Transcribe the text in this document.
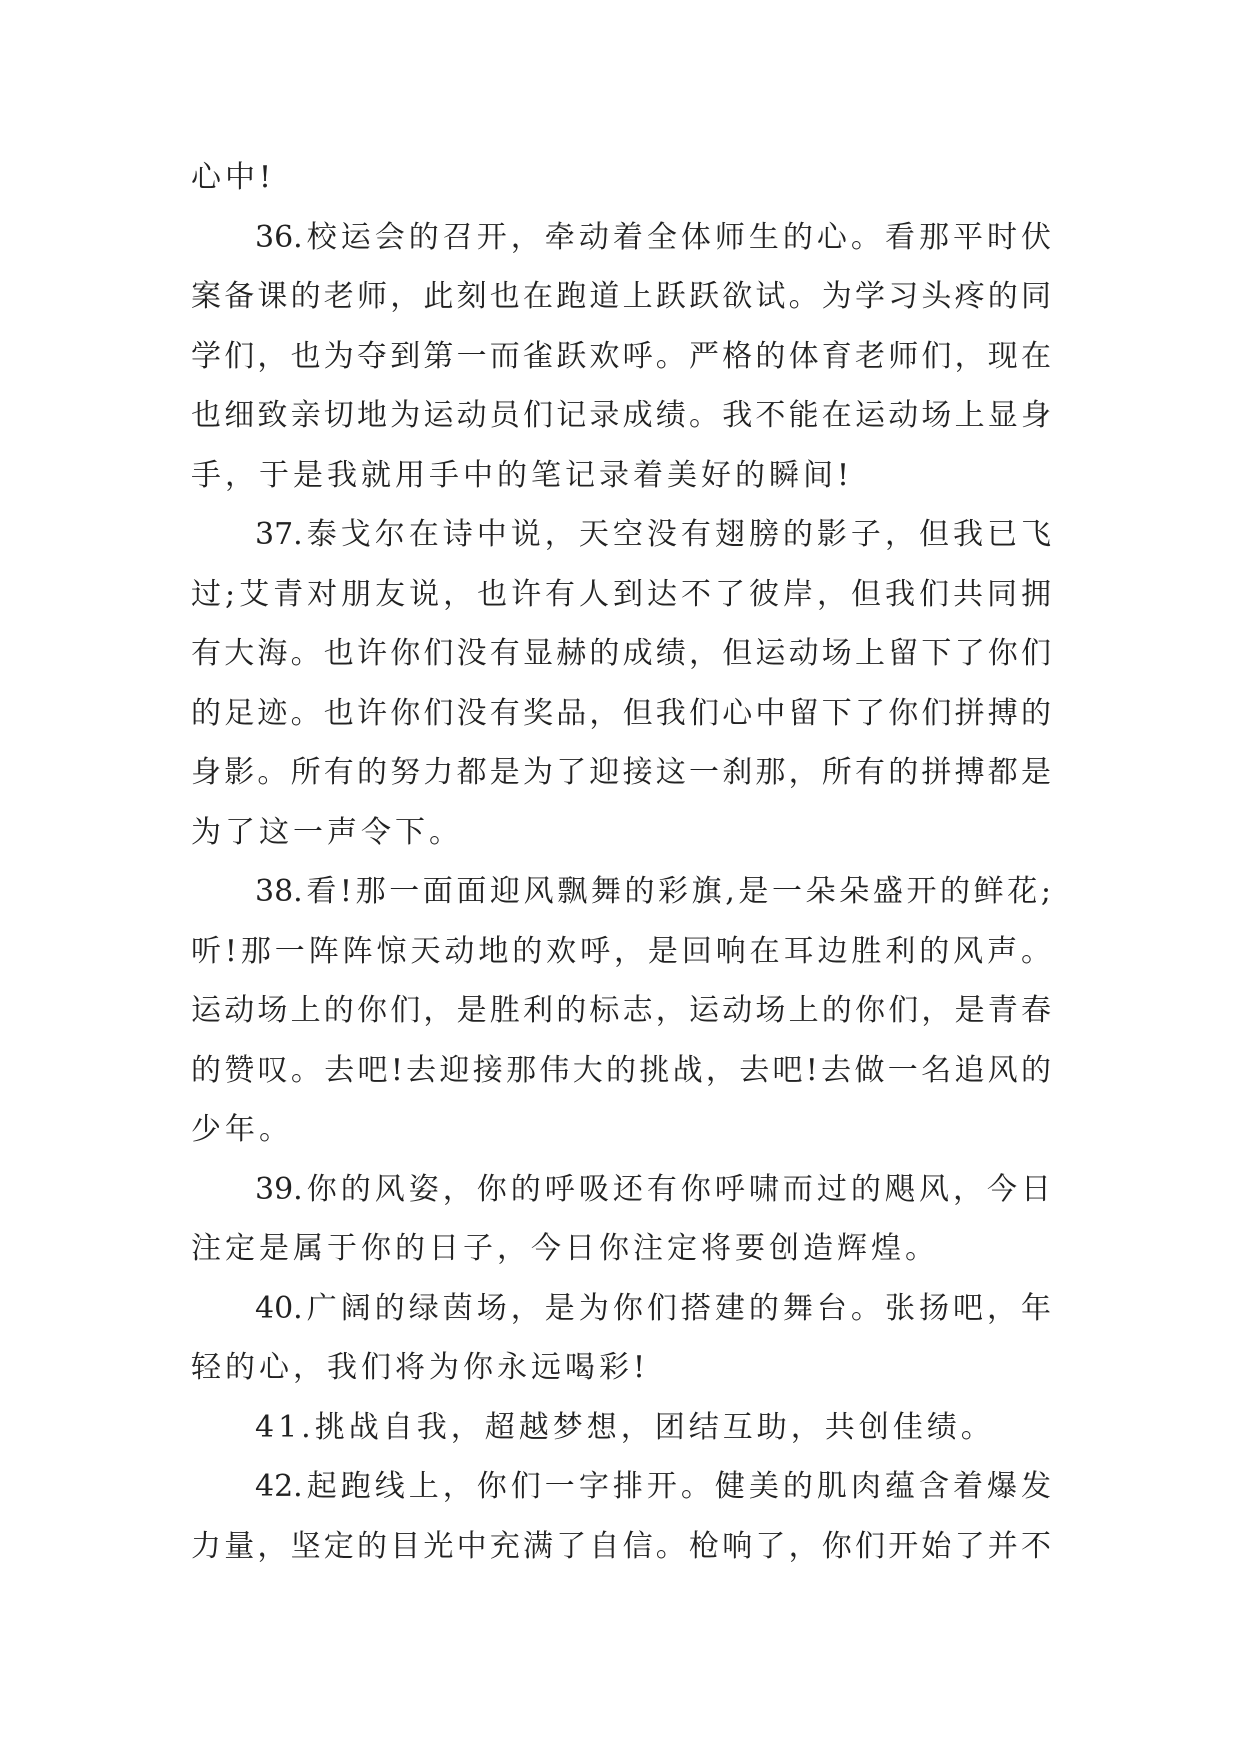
心中!
36.校运会的召开，牵动着全体师生的心。看那平时伏
案备课的老师，此刻也在跑道上跃跃欲试。为学习头疼的同
学们，也为夺到第一而雀跃欢呼。严格的体育老师们，现在
也细致亲切地为运动员们记录成绩。我不能在运动场上显身
手，于是我就用手中的笔记录着美好的瞬间!
37.泰戈尔在诗中说，天空没有翅膀的影子，但我已飞
过;艾青对朋友说，也许有人到达不了彼岸，但我们共同拥
有大海。也许你们没有显赫的成绩，但运动场上留下了你们
的足迹。也许你们没有奖品，但我们心中留下了你们拼搏的
身影。所有的努力都是为了迎接这一刹那，所有的拼搏都是
为了这一声令下。
38.看!那一面面迎风飘舞的彩旗,是一朵朵盛开的鲜花;
听!那一阵阵惊天动地的欢呼，是回响在耳边胜利的风声。
运动场上的你们，是胜利的标志，运动场上的你们，是青春
的赞叹。去吧!去迎接那伟大的挑战，去吧!去做一名追风的
少年。
39.你的风姿，你的呼吸还有你呼啸而过的飓风，今日
注定是属于你的日子，今日你注定将要创造辉煌。
40.广阔的绿茵场，是为你们搭建的舞台。张扬吧，年
轻的心，我们将为你永远喝彩!
41.挑战自我，超越梦想，团结互助，共创佳绩。
42.起跑线上，你们一字排开。健美的肌肉蕴含着爆发
力量，坚定的目光中充满了自信。枪响了，你们开始了并不
